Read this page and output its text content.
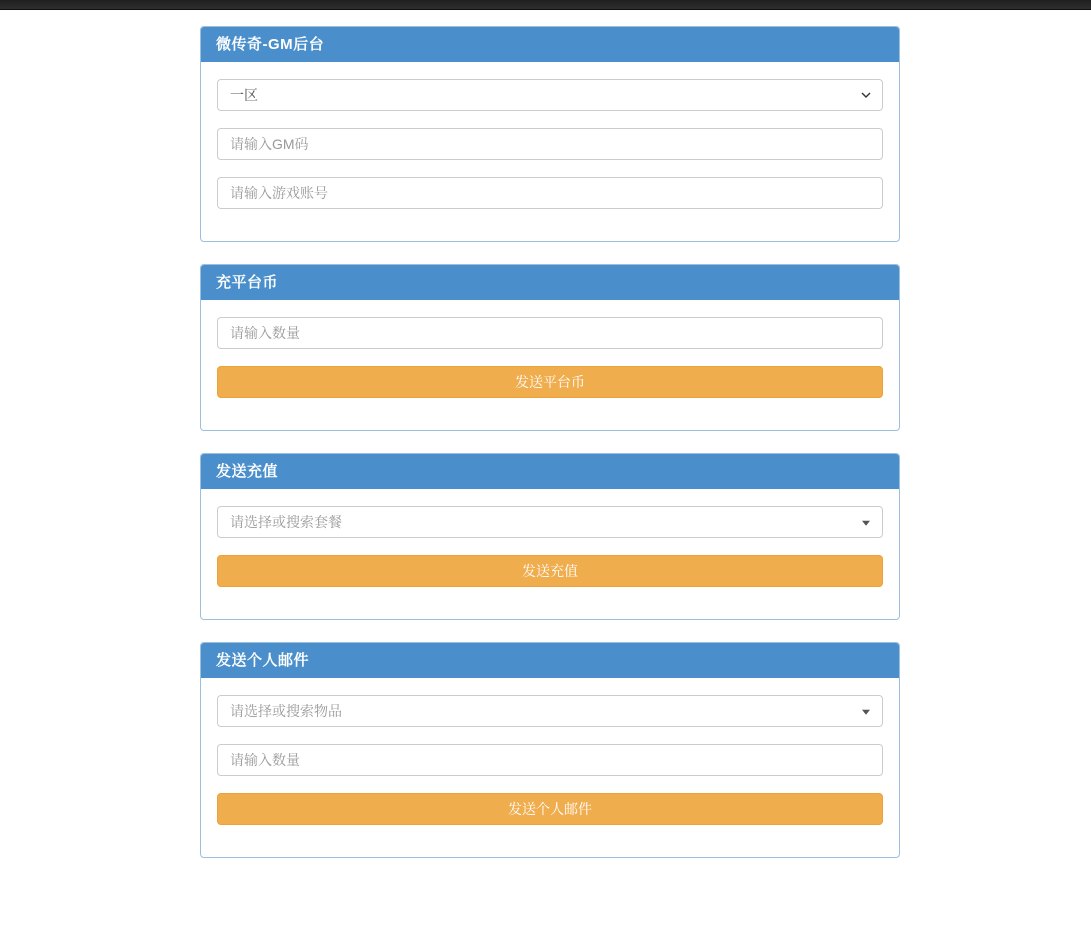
微传奇-GM后台
一区
请输入GM码
请输入游戏账号
充平台币
请输入数量
发送平台币
发送充值
请选择或搜索套餐
发送充值
发送个人邮件
请选择或搜索物品
请输入数量
发送个人邮件
